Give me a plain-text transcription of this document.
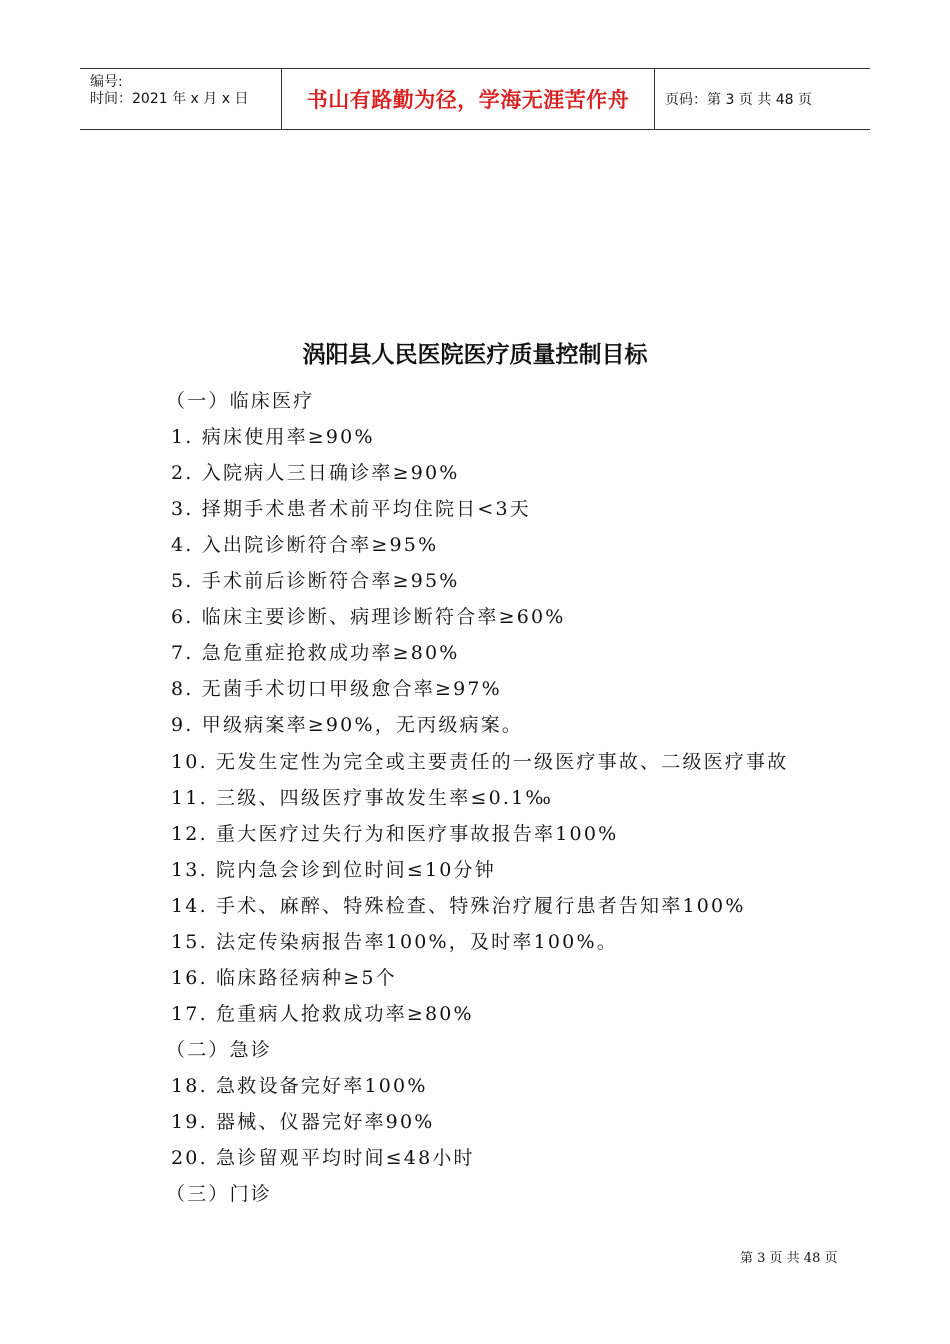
编号:
时间：2021 年 x 月 x 日	书山有路勤为径，学海无涯苦作舟	页码：第 3 页 共 48 页
涡阳县人民医院医疗质量控制目标
（一）临床医疗
1. 病床使用率≥90%
2. 入院病人三日确诊率≥90%
3. 择期手术患者术前平均住院日<3天
4. 入出院诊断符合率≥95%
5. 手术前后诊断符合率≥95%
6. 临床主要诊断、病理诊断符合率≥60%
7. 急危重症抢救成功率≥80%
8. 无菌手术切口甲级愈合率≥97%
9. 甲级病案率≥90%，无丙级病案。
10. 无发生定性为完全或主要责任的一级医疗事故、二级医疗事故
11. 三级、四级医疗事故发生率≤0.1‰
12. 重大医疗过失行为和医疗事故报告率100%
13. 院内急会诊到位时间≤10分钟
14. 手术、麻醉、特殊检查、特殊治疗履行患者告知率100%
15. 法定传染病报告率100%，及时率100%。
16. 临床路径病种≥5个
17. 危重病人抢救成功率≥80%
（二）急诊
18. 急救设备完好率100%
19. 器械、仪器完好率90%
20. 急诊留观平均时间≤48小时
（三）门诊
第 3 页 共 48 页
